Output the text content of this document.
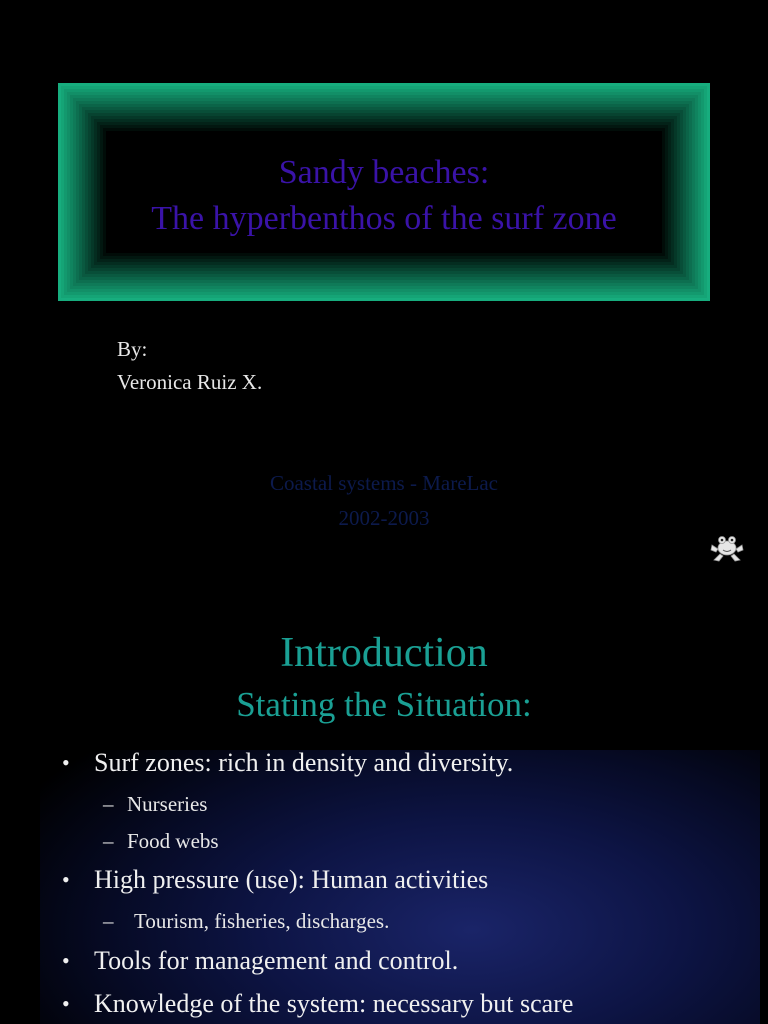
Sandy beaches:
The hyperbenthos of the surf zone
By:
Veronica Ruiz X.
Coastal systems - MareLac
2002-2003
Introduction
Stating the Situation:
• Surf zones: rich in density and diversity.
– Nurseries
– Food webs
• High pressure (use): Human activities
– Tourism, fisheries, discharges.
• Tools for management and control.
• Knowledge of the system: necessary but scare
